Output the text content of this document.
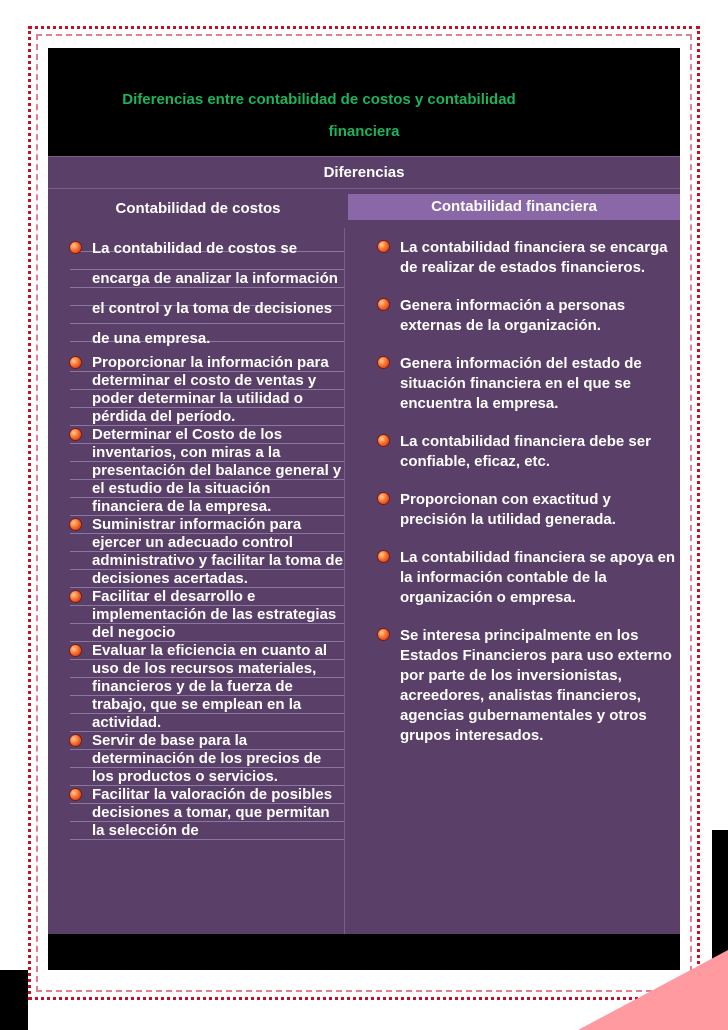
Diferencias entre contabilidad de costos y contabilidad
financiera
Diferencias
Contabilidad de costos	Contabilidad financiera
La contabilidad de costos se encarga de analizar la información el control y la toma de decisiones de una empresa.
Proporcionar la información para determinar el costo de ventas y poder determinar la utilidad o pérdida del período.
Determinar el Costo de los inventarios, con miras a la presentación del balance general y el estudio de la situación financiera de la empresa.
Suministrar información para ejercer un adecuado control administrativo y facilitar la toma de decisiones acertadas.
Facilitar el desarrollo e implementación de las estrategias del negocio
Evaluar la eficiencia en cuanto al uso de los recursos materiales, financieros y de la fuerza de trabajo, que se emplean en la actividad.
Servir de base para la determinación de los precios de los productos o servicios.
Facilitar la valoración de posibles decisiones a tomar, que permitan la selección de
La contabilidad financiera se encarga de realizar de estados financieros.
Genera información a personas externas de la organización.
Genera información del estado de situación financiera en el que se encuentra la empresa.
La contabilidad financiera debe ser confiable, eficaz, etc.
Proporcionan con exactitud y precisión la utilidad generada.
La contabilidad financiera se apoya en la información contable de la organización o empresa.
Se interesa principalmente en los Estados Financieros para uso externo por parte de los inversionistas, acreedores, analistas financieros, agencias gubernamentales y otros grupos interesados.
2
